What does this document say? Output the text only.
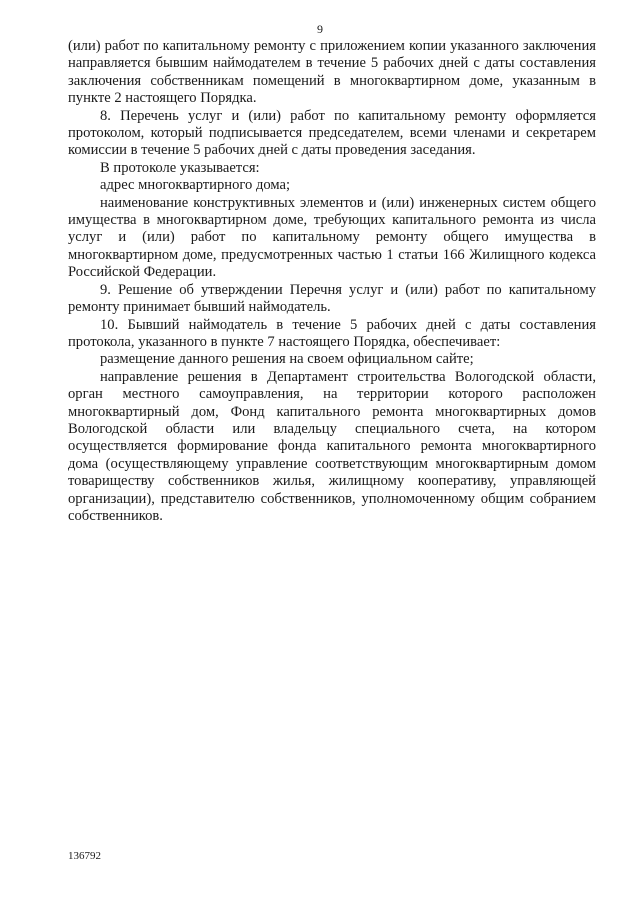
9

(или) работ по капитальному ремонту с приложением копии указанного заключения направляется бывшим наймодателем в течение 5 рабочих дней с даты составления заключения собственникам помещений в многоквартирном доме, указанным в пункте 2 настоящего Порядка.

8. Перечень услуг и (или) работ по капитальному ремонту оформляется протоколом, который подписывается председателем, всеми членами и секретарем комиссии в течение 5 рабочих дней с даты проведения заседания.

В протоколе указывается:

адрес многоквартирного дома;

наименование конструктивных элементов и (или) инженерных систем общего имущества в многоквартирном доме, требующих капитального ремонта из числа услуг и (или) работ по капитальному ремонту общего имущества в многоквартирном доме, предусмотренных частью 1 статьи 166 Жилищного кодекса Российской Федерации.

9. Решение об утверждении Перечня услуг и (или) работ по капитальному ремонту принимает бывший наймодатель.

10. Бывший наймодатель в течение 5 рабочих дней с даты составления протокола, указанного в пункте 7 настоящего Порядка, обеспечивает:

размещение данного решения на своем официальном сайте;

направление решения в Департамент строительства Вологодской области, орган местного самоуправления, на территории которого расположен многоквартирный дом, Фонд капитального ремонта многоквартирных домов Вологодской области или владельцу специального счета, на котором осуществляется формирование фонда капитального ремонта многоквартирного дома (осуществляющему управление соответствующим многоквартирным домом товариществу собственников жилья, жилищному кооперативу, управляющей организации), представителю собственников, уполномоченному общим собранием собственников.

136792
